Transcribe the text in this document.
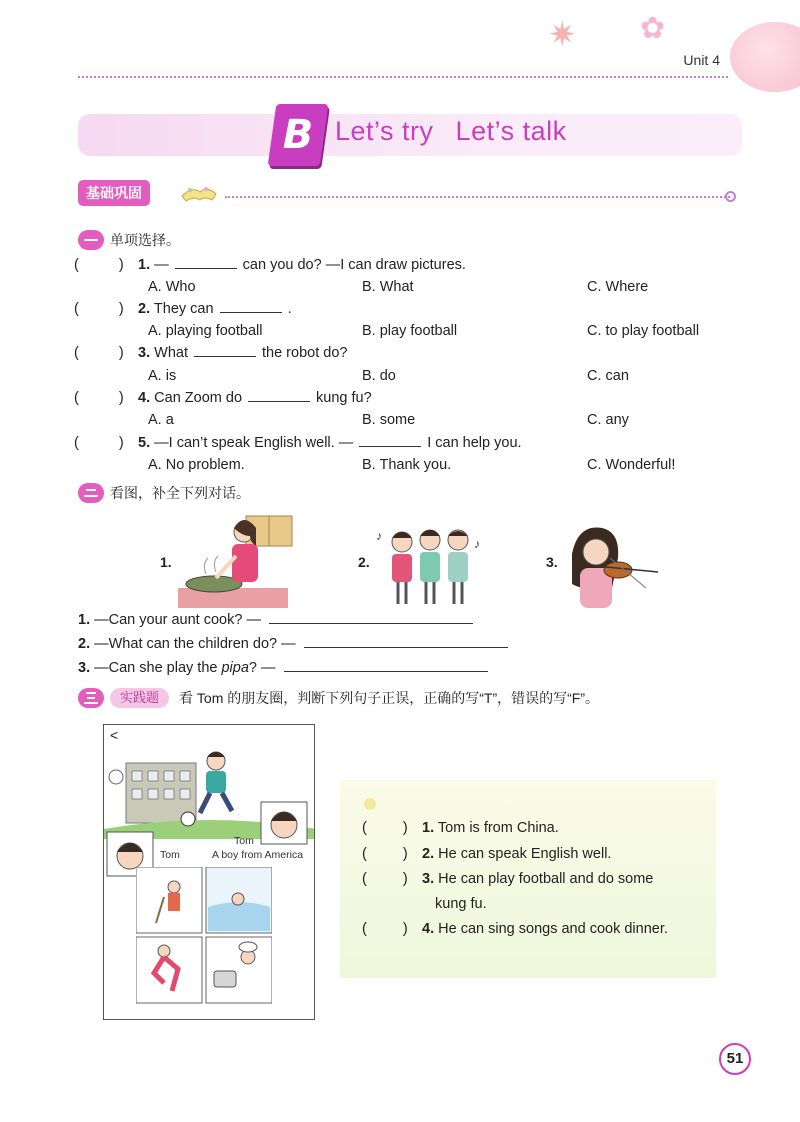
✷ ✿
Unit 4
B Let’s try Let’s talk
基础巩固
单项选择。
(	) 1. —	can you do? —I can draw pictures.
A. Who	B. What	C. Where
(	) 2. They can	.
A. playing football	B. play football	C. to play football
(	) 3. What	the robot do?
A. is	B. do	C. can
(	) 4. Can Zoom do	kung fu?
A. a	B. some	C. any
(	) 5. —I can’t speak English well. —	I can help you.
A. No problem.	B. Thank you.	C. Wonderful!
看图，补全下列对话。
1.	2.
♪
♪
3.
1. —Can your aunt cook? —
2. —What can the children do? —
3. —Can she play the pipa? —
实践题	看 Tom 的朋友圈，判断下列句子正误，正确的写“T”，错误的写“F”。
<
Tom
A boy from America
Tom
( ) 1. Tom is from China.
( ) 2. He can speak English well.
( ) 3. He can play football and do some
kung fu.
( ) 4. He can sing songs and cook dinner.
51
